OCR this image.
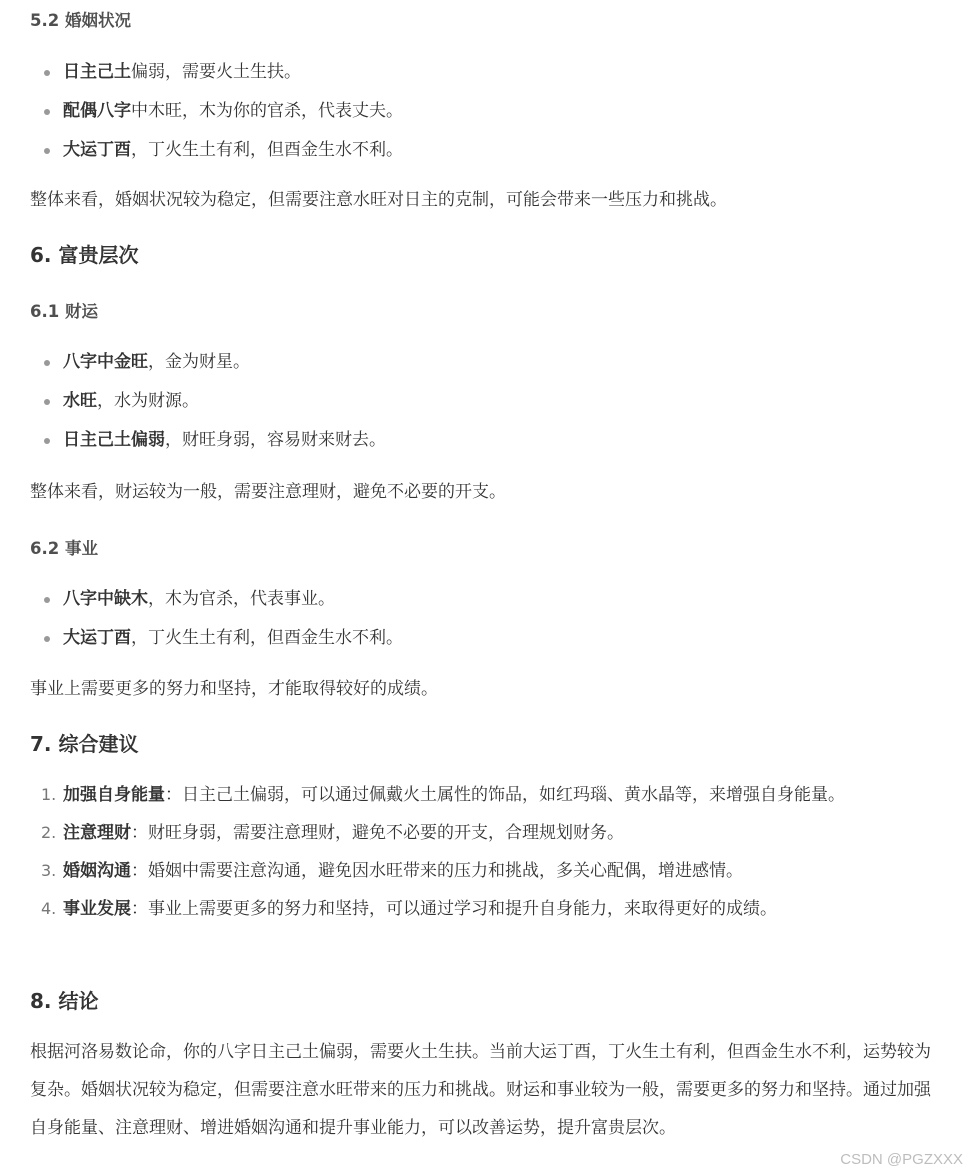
5.2 婚姻状况
日主己土偏弱，需要火土生扶。
配偶八字中木旺，木为你的官杀，代表丈夫。
大运丁酉，丁火生土有利，但酉金生水不利。

整体来看，婚姻状况较为稳定，但需要注意水旺对日主的克制，可能会带来一些压力和挑战。

6. 富贵层次
6.1 财运
八字中金旺，金为财星。
水旺，水为财源。
日主己土偏弱，财旺身弱，容易财来财去。

整体来看，财运较为一般，需要注意理财，避免不必要的开支。

6.2 事业
八字中缺木，木为官杀，代表事业。
大运丁酉，丁火生土有利，但酉金生水不利。

事业上需要更多的努力和坚持，才能取得较好的成绩。

7. 综合建议
1. 加强自身能量：日主己土偏弱，可以通过佩戴火土属性的饰品，如红玛瑙、黄水晶等，来增强自身能量。
2. 注意理财：财旺身弱，需要注意理财，避免不必要的开支，合理规划财务。
3. 婚姻沟通：婚姻中需要注意沟通，避免因水旺带来的压力和挑战，多关心配偶，增进感情。
4. 事业发展：事业上需要更多的努力和坚持，可以通过学习和提升自身能力，来取得更好的成绩。
8. 结论

根据河洛易数论命，你的八字日主己土偏弱，需要火土生扶。当前大运丁酉，丁火生土有利，但酉金生水不利，运势较为复杂。婚姻状况较为稳定，但需要注意水旺带来的压力和挑战。财运和事业较为一般，需要更多的努力和坚持。通过加强自身能量、注意理财、增进婚姻沟通和提升事业能力，可以改善运势，提升富贵层次。

CSDN @PGZXXX
